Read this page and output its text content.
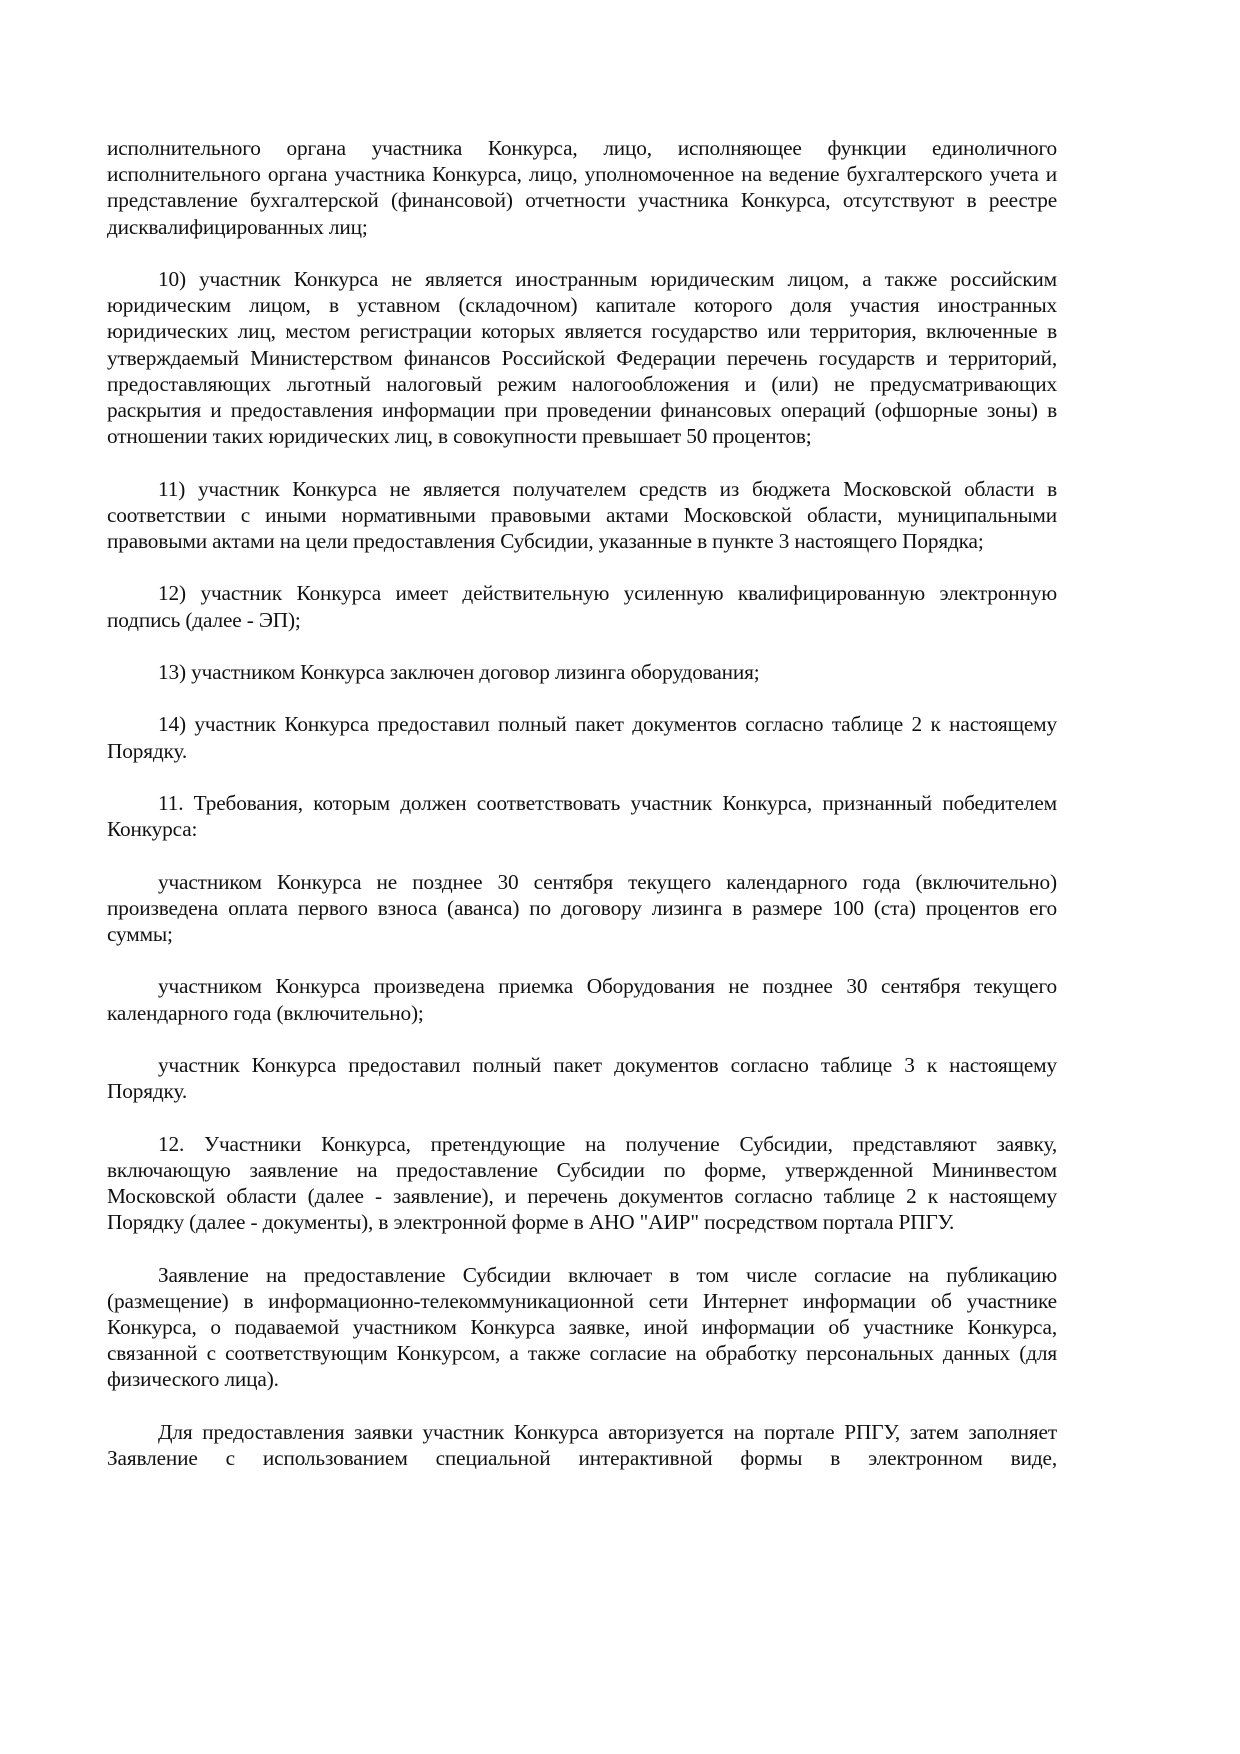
исполнительного органа участника Конкурса, лицо, исполняющее функции единоличного исполнительного органа участника Конкурса, лицо, уполномоченное на ведение бухгалтерского учета и представление бухгалтерской (финансовой) отчетности участника Конкурса, отсутствуют в реестре дисквалифицированных лиц;

10) участник Конкурса не является иностранным юридическим лицом, а также российским юридическим лицом, в уставном (складочном) капитале которого доля участия иностранных юридических лиц, местом регистрации которых является государство или территория, включенные в утверждаемый Министерством финансов Российской Федерации перечень государств и территорий, предоставляющих льготный налоговый режим налогообложения и (или) не предусматривающих раскрытия и предоставления информации при проведении финансовых операций (офшорные зоны) в отношении таких юридических лиц, в совокупности превышает 50 процентов;

11) участник Конкурса не является получателем средств из бюджета Московской области в соответствии с иными нормативными правовыми актами Московской области, муниципальными правовыми актами на цели предоставления Субсидии, указанные в пункте 3 настоящего Порядка;

12) участник Конкурса имеет действительную усиленную квалифицированную электронную подпись (далее - ЭП);

13) участником Конкурса заключен договор лизинга оборудования;

14) участник Конкурса предоставил полный пакет документов согласно таблице 2 к настоящему Порядку.

11. Требования, которым должен соответствовать участник Конкурса, признанный победителем Конкурса:

участником Конкурса не позднее 30 сентября текущего календарного года (включительно) произведена оплата первого взноса (аванса) по договору лизинга в размере 100 (ста) процентов его суммы;

участником Конкурса произведена приемка Оборудования не позднее 30 сентября текущего календарного года (включительно);

участник Конкурса предоставил полный пакет документов согласно таблице 3 к настоящему Порядку.

12. Участники Конкурса, претендующие на получение Субсидии, представляют заявку, включающую заявление на предоставление Субсидии по форме, утвержденной Мининвестом Московской области (далее - заявление), и перечень документов согласно таблице 2 к настоящему Порядку (далее - документы), в электронной форме в АНО "АИР" посредством портала РПГУ.

Заявление на предоставление Субсидии включает в том числе согласие на публикацию (размещение) в информационно-телекоммуникационной сети Интернет информации об участнике Конкурса, о подаваемой участником Конкурса заявке, иной информации об участнике Конкурса, связанной с соответствующим Конкурсом, а также согласие на обработку персональных данных (для физического лица).

Для предоставления заявки участник Конкурса авторизуется на портале РПГУ, затем заполняет Заявление с использованием специальной интерактивной формы в электронном виде,
